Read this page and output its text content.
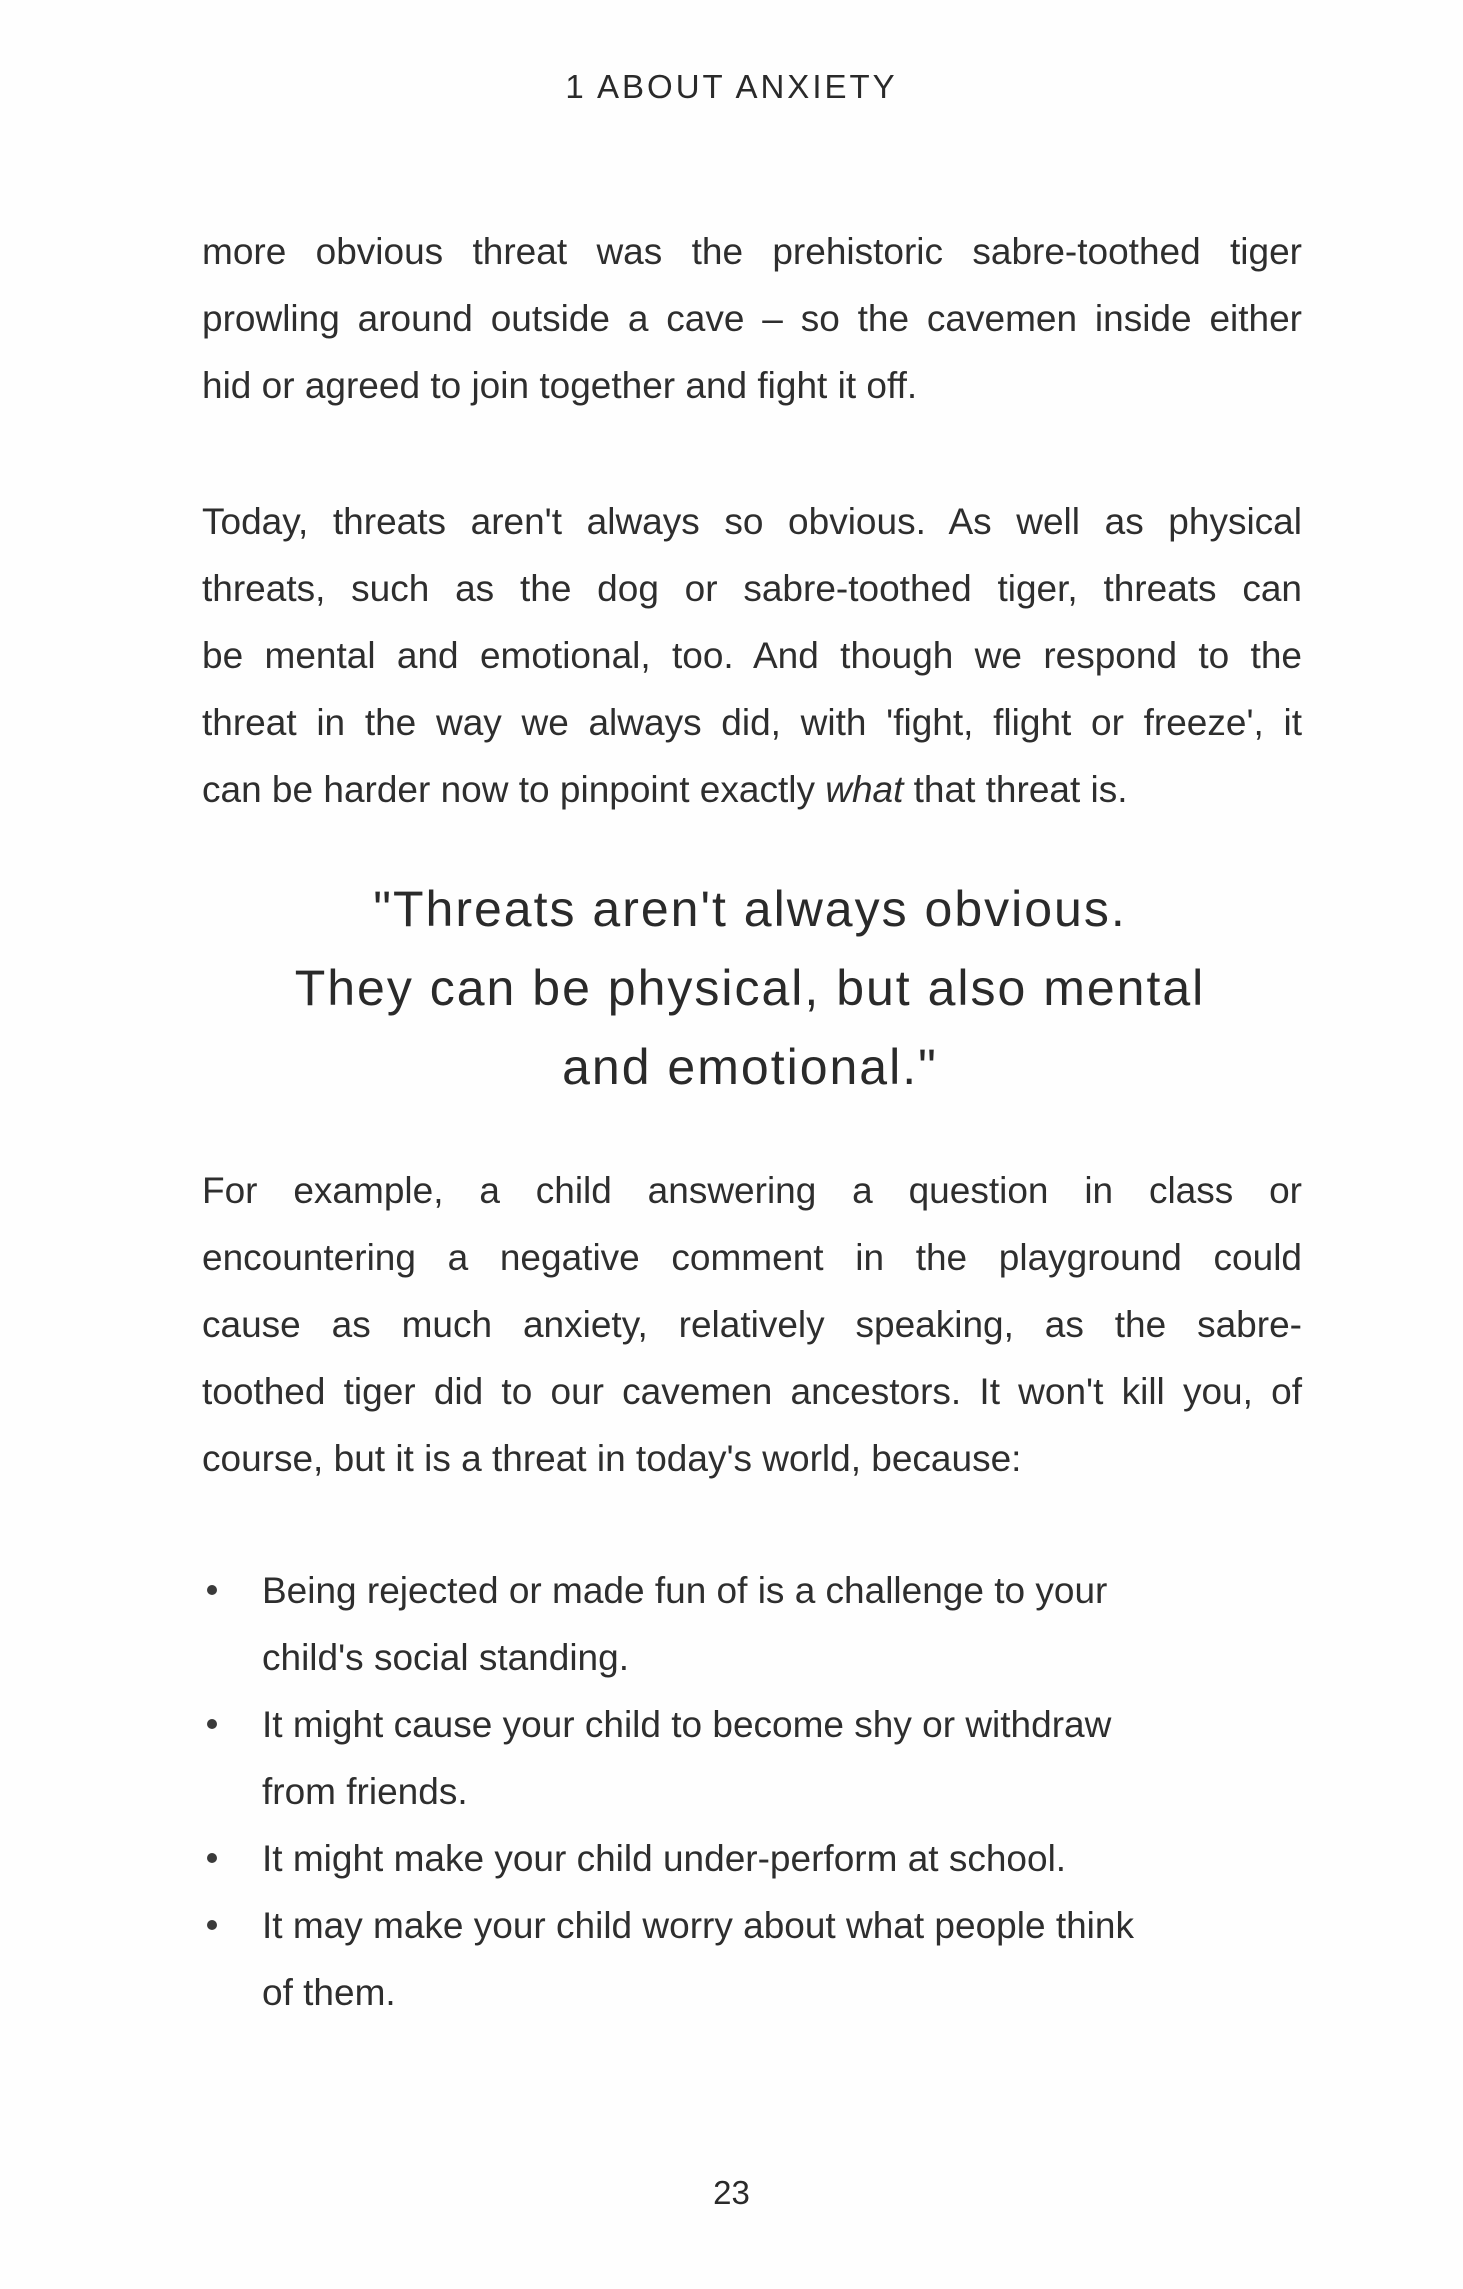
1 ABOUT ANXIETY
more obvious threat was the prehistoric sabre-toothed tiger
prowling around outside a cave – so the cavemen inside either
hid or agreed to join together and fight it off.
Today, threats aren't always so obvious. As well as physical
threats, such as the dog or sabre-toothed tiger, threats can
be mental and emotional, too. And though we respond to the
threat in the way we always did, with 'fight, flight or freeze', it
can be harder now to pinpoint exactly what that threat is.
"Threats aren't always obvious.
They can be physical, but also mental
and emotional."
For example, a child answering a question in class or
encountering a negative comment in the playground could
cause as much anxiety, relatively speaking, as the sabre-
toothed tiger did to our cavemen ancestors. It won't kill you, of
course, but it is a threat in today's world, because:
Being rejected or made fun of is a challenge to your
child's social standing.
It might cause your child to become shy or withdraw
from friends.
It might make your child under-perform at school.
It may make your child worry about what people think
of them.
23
